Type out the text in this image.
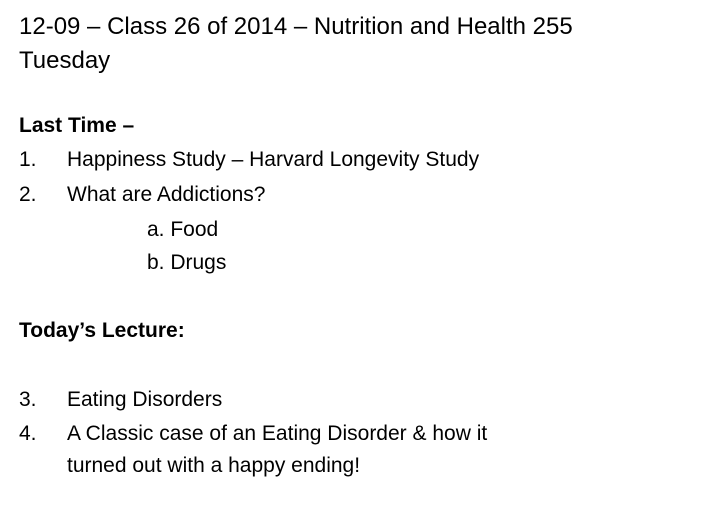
12-09 – Class 26 of 2014 – Nutrition and Health 255
Tuesday
Last Time –
1. Happiness Study – Harvard Longevity Study
2. What are Addictions?
a. Food
b. Drugs
Today’s Lecture:
3. Eating Disorders
4. A Classic case of an Eating Disorder & how it
turned out with a happy ending!
